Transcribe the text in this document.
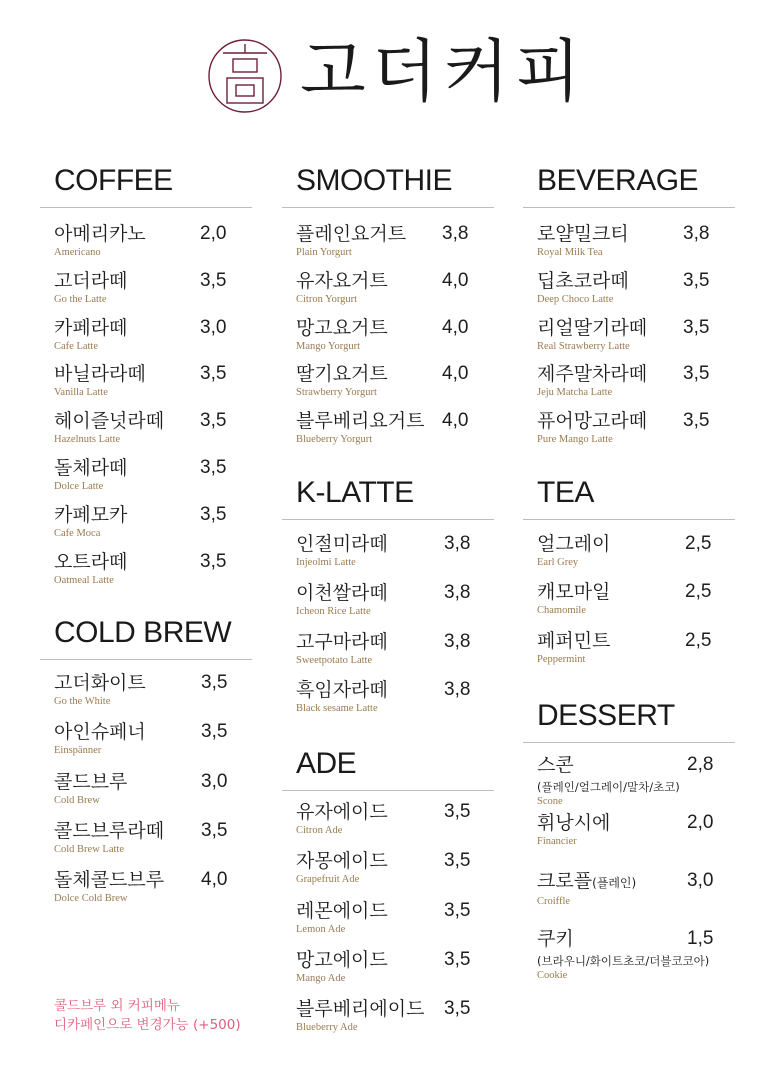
고더커피
COFFEE
아메리카노
Americano
2,0
고더라떼
Go the Latte
3,5
카페라떼
Cafe Latte
3,0
바닐라라떼
Vanilla Latte
3,5
헤이즐넛라떼
Hazelnuts Latte
3,5
돌체라떼
Dolce Latte
3,5
카페모카
Cafe Moca
3,5
오트라떼
Oatmeal Latte
3,5
COLD BREW
고더화이트
Go the White
3,5
아인슈페너
Einspänner
3,5
콜드브루
Cold Brew
3,0
콜드브루라떼
Cold Brew Latte
3,5
돌체콜드브루
Dolce Cold Brew
4,0
SMOOTHIE
플레인요거트
Plain Yorgurt
3,8
유자요거트
Citron Yorgurt
4,0
망고요거트
Mango Yorgurt
4,0
딸기요거트
Strawberry Yorgurt
4,0
블루베리요거트
Blueberry Yorgurt
4,0
K-LATTE
인절미라떼
Injeolmi Latte
3,8
이천쌀라떼
Icheon Rice Latte
3,8
고구마라떼
Sweetpotato Latte
3,8
흑임자라떼
Black sesame Latte
3,8
ADE
유자에이드
Citron Ade
3,5
자몽에이드
Grapefruit Ade
3,5
레몬에이드
Lemon Ade
3,5
망고에이드
Mango Ade
3,5
블루베리에이드
Blueberry Ade
3,5
BEVERAGE
로얄밀크티
Royal Milk Tea
3,8
딥초코라떼
Deep Choco Latte
3,5
리얼딸기라떼
Real Strawberry Latte
3,5
제주말차라떼
Jeju Matcha Latte
3,5
퓨어망고라떼
Pure Mango Latte
3,5
TEA
얼그레이
Earl Grey
2,5
캐모마일
Chamomile
2,5
페퍼민트
Peppermint
2,5
DESSERT
스콘
(플레인/얼그레이/말차/초코)
Scone
2,8
휘낭시에
Financier
2,0
크로플(플레인)
Croiffle
3,0
쿠키
(브라우니/화이트초코/더블코코아)
Cookie
1,5
콜드브루 외 커피메뉴
디카페인으로 변경가능 (+500)
